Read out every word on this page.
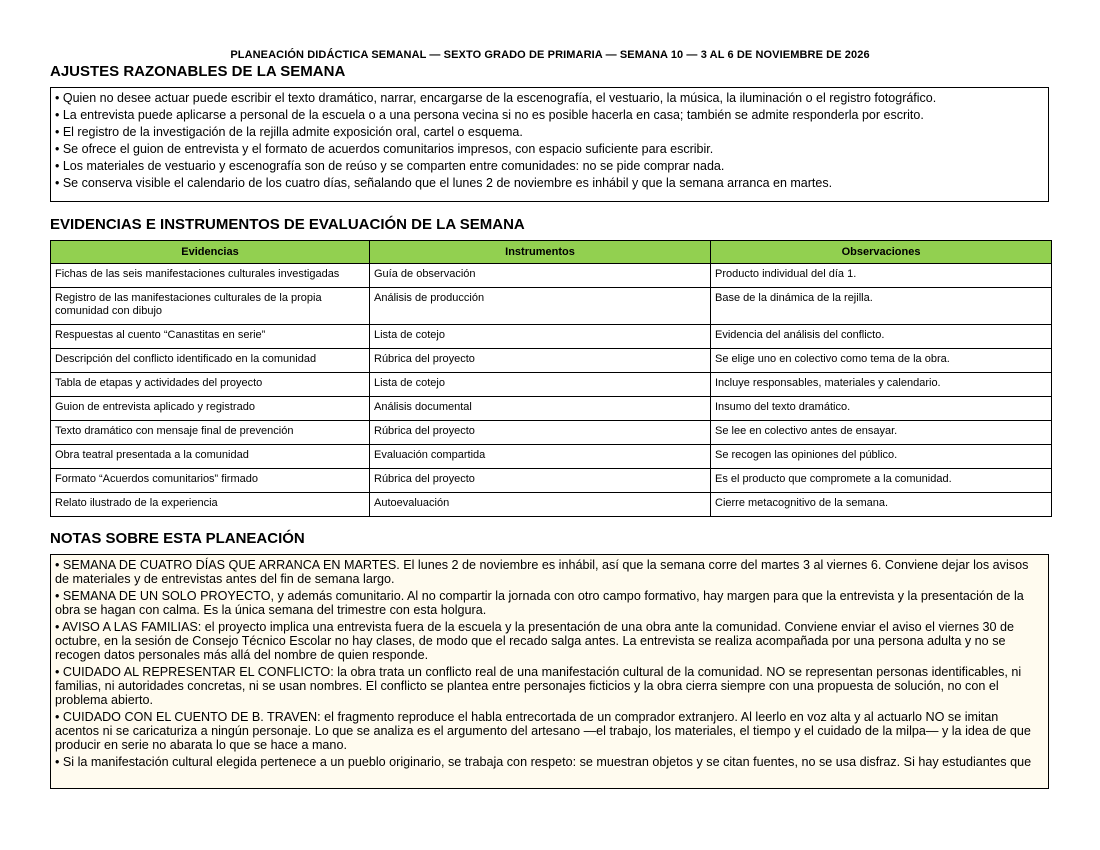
PLANEACIÓN DIDÁCTICA SEMANAL — SEXTO GRADO DE PRIMARIA — SEMANA 10 — 3 AL 6 DE NOVIEMBRE DE 2026
AJUSTES RAZONABLES DE LA SEMANA

• Quien no desee actuar puede escribir el texto dramático, narrar, encargarse de la escenografía, el vestuario, la música, la iluminación o el registro fotográfico.

• La entrevista puede aplicarse a personal de la escuela o a una persona vecina si no es posible hacerla en casa; también se admite responderla por escrito.

• El registro de la investigación de la rejilla admite exposición oral, cartel o esquema.

• Se ofrece el guion de entrevista y el formato de acuerdos comunitarios impresos, con espacio suficiente para escribir.

• Los materiales de vestuario y escenografía son de reúso y se comparten entre comunidades: no se pide comprar nada.

• Se conserva visible el calendario de los cuatro días, señalando que el lunes 2 de noviembre es inhábil y que la semana arranca en martes.

EVIDENCIAS E INSTRUMENTOS DE EVALUACIÓN DE LA SEMANA
Evidencias	Instrumentos	Observaciones
Fichas de las seis manifestaciones culturales investigadas	Guía de observación	Producto individual del día 1.
Registro de las manifestaciones culturales de la propia comunidad con dibujo	Análisis de producción	Base de la dinámica de la rejilla.
Respuestas al cuento “Canastitas en serie”	Lista de cotejo	Evidencia del análisis del conflicto.
Descripción del conflicto identificado en la comunidad	Rúbrica del proyecto	Se elige uno en colectivo como tema de la obra.
Tabla de etapas y actividades del proyecto	Lista de cotejo	Incluye responsables, materiales y calendario.
Guion de entrevista aplicado y registrado	Análisis documental	Insumo del texto dramático.
Texto dramático con mensaje final de prevención	Rúbrica del proyecto	Se lee en colectivo antes de ensayar.
Obra teatral presentada a la comunidad	Evaluación compartida	Se recogen las opiniones del público.
Formato “Acuerdos comunitarios” firmado	Rúbrica del proyecto	Es el producto que compromete a la comunidad.
Relato ilustrado de la experiencia	Autoevaluación	Cierre metacognitivo de la semana.
NOTAS SOBRE ESTA PLANEACIÓN

• SEMANA DE CUATRO DÍAS QUE ARRANCA EN MARTES. El lunes 2 de noviembre es inhábil, así que la semana corre del martes 3 al viernes 6. Conviene dejar los avisos de materiales y de entrevistas antes del fin de semana largo.

• SEMANA DE UN SOLO PROYECTO, y además comunitario. Al no compartir la jornada con otro campo formativo, hay margen para que la entrevista y la presentación de la obra se hagan con calma. Es la única semana del trimestre con esta holgura.

• AVISO A LAS FAMILIAS: el proyecto implica una entrevista fuera de la escuela y la presentación de una obra ante la comunidad. Conviene enviar el aviso el viernes 30 de octubre, en la sesión de Consejo Técnico Escolar no hay clases, de modo que el recado salga antes. La entrevista se realiza acompañada por una persona adulta y no se recogen datos personales más allá del nombre de quien responde.

• CUIDADO AL REPRESENTAR EL CONFLICTO: la obra trata un conflicto real de una manifestación cultural de la comunidad. NO se representan personas identificables, ni familias, ni autoridades concretas, ni se usan nombres. El conflicto se plantea entre personajes ficticios y la obra cierra siempre con una propuesta de solución, no con el problema abierto.

• CUIDADO CON EL CUENTO DE B. TRAVEN: el fragmento reproduce el habla entrecortada de un comprador extranjero. Al leerlo en voz alta y al actuarlo NO se imitan acentos ni se caricaturiza a ningún personaje. Lo que se analiza es el argumento del artesano —el trabajo, los materiales, el tiempo y el cuidado de la milpa— y la idea de que producir en serie no abarata lo que se hace a mano.

• Si la manifestación cultural elegida pertenece a un pueblo originario, se trabaja con respeto: se muestran objetos y se citan fuentes, no se usa disfraz. Si hay estudiantes que
